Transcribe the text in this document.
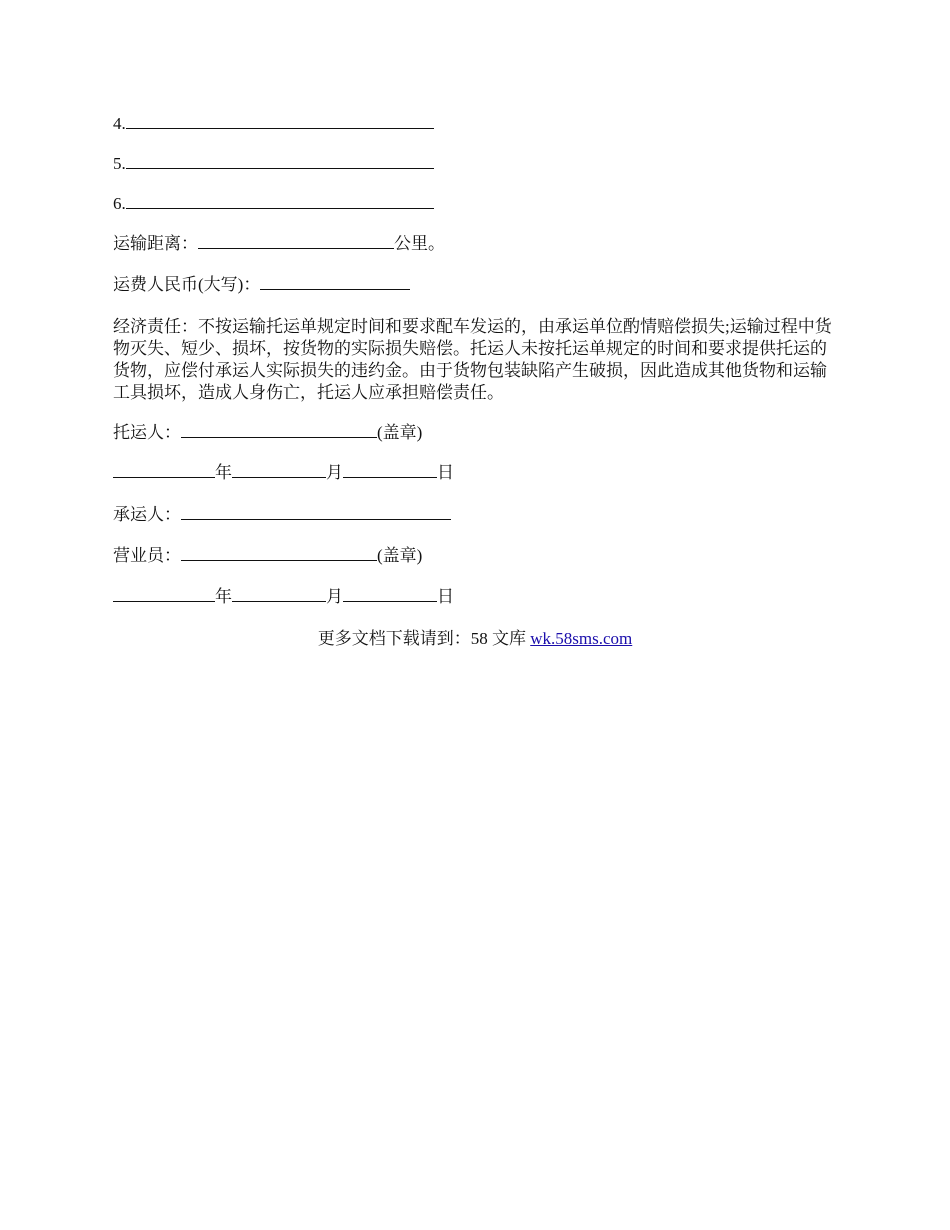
4.
5.
6.
运输距离：	公里。
运费人民币(大写)：
经济责任：不按运输托运单规定时间和要求配车发运的，由承运单位酌情赔偿损失;运输过程中货物灭失、短少、损坏，按货物的实际损失赔偿。托运人未按托运单规定的时间和要求提供托运的货物，应偿付承运人实际损失的违约金。由于货物包装缺陷产生破损，因此造成其他货物和运输工具损坏，造成人身伤亡，托运人应承担赔偿责任。
托运人：	(盖章)
年	月	日
承运人：
营业员：	(盖章)
年	月	日
更多文档下载请到：58 文库 wk.58sms.com
